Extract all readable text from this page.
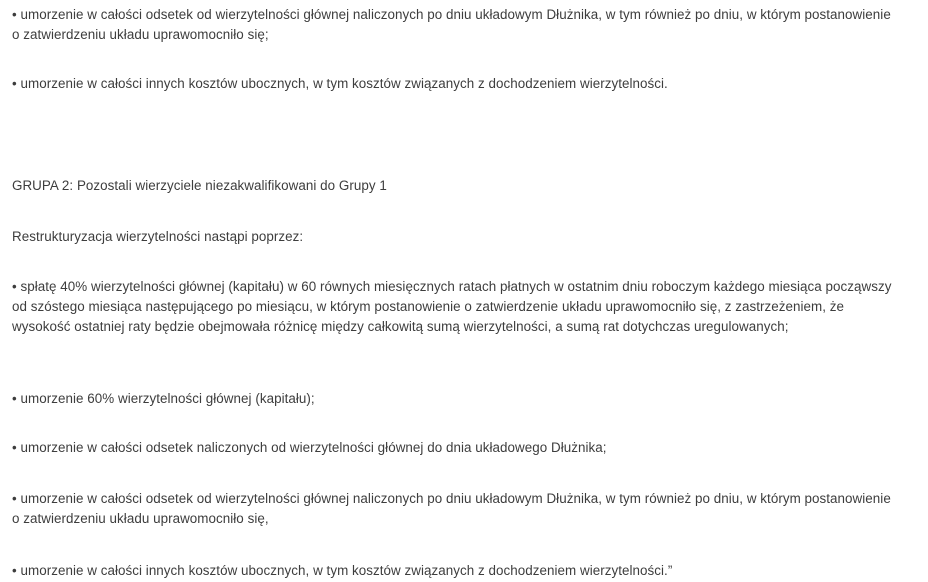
• umorzenie w całości odsetek od wierzytelności głównej naliczonych po dniu układowym Dłużnika, w tym również po dniu, w którym postanowienie o zatwierdzeniu układu uprawomocniło się;

• umorzenie w całości innych kosztów ubocznych, w tym kosztów związanych z dochodzeniem wierzytelności.

GRUPA 2: Pozostali wierzyciele niezakwalifikowani do Grupy 1

Restrukturyzacja wierzytelności nastąpi poprzez:

• spłatę 40% wierzytelności głównej (kapitału) w 60 równych miesięcznych ratach płatnych w ostatnim dniu roboczym każdego miesiąca począwszy od szóstego miesiąca następującego po miesiącu, w którym postanowienie o zatwierdzenie układu uprawomocniło się, z zastrzeżeniem, że wysokość ostatniej raty będzie obejmowała różnicę między całkowitą sumą wierzytelności, a sumą rat dotychczas uregulowanych;

• umorzenie 60% wierzytelności głównej (kapitału);

• umorzenie w całości odsetek naliczonych od wierzytelności głównej do dnia układowego Dłużnika;

• umorzenie w całości odsetek od wierzytelności głównej naliczonych po dniu układowym Dłużnika, w tym również po dniu, w którym postanowienie o zatwierdzeniu układu uprawomocniło się,

• umorzenie w całości innych kosztów ubocznych, w tym kosztów związanych z dochodzeniem wierzytelności.”
